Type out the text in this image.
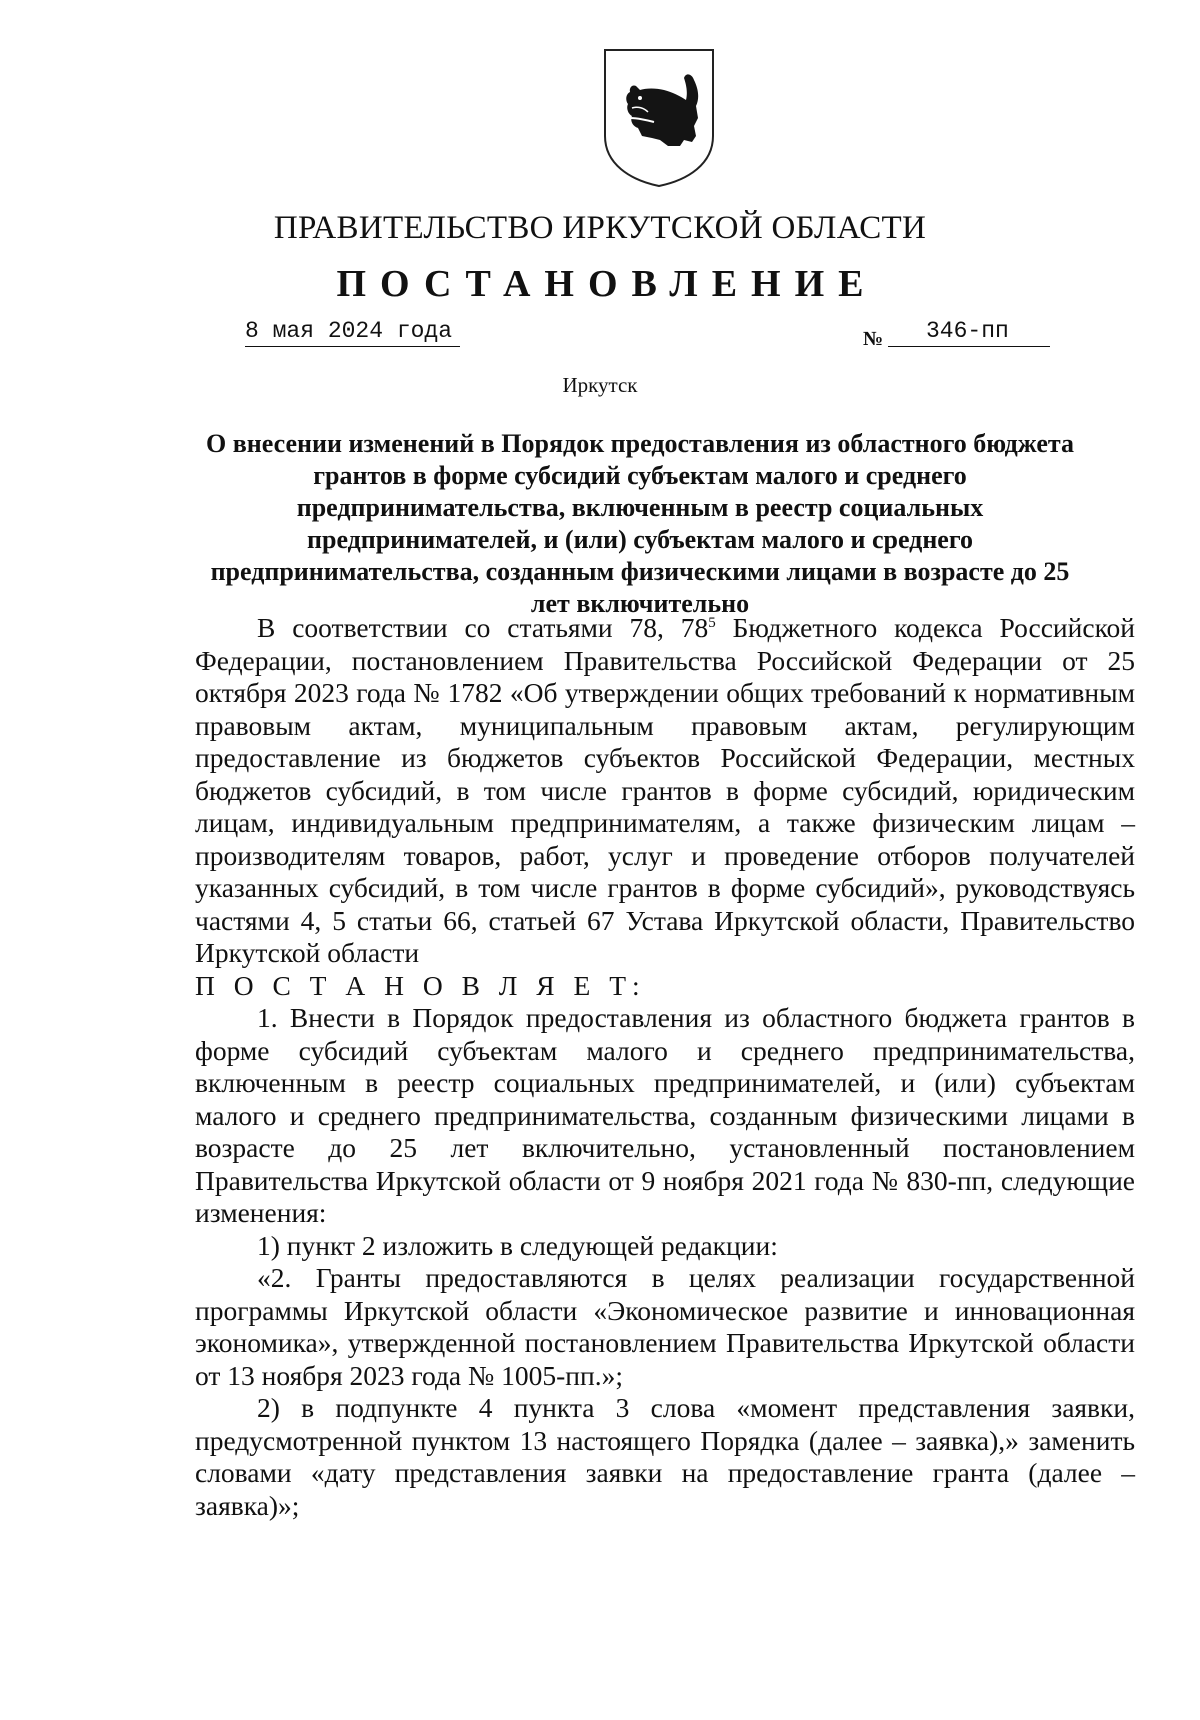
ПРАВИТЕЛЬСТВО ИРКУТСКОЙ ОБЛАСТИ
ПОСТАНОВЛЕНИЕ
8 мая 2024 года	№	346-пп
Иркутск
О внесении изменений в Порядок предоставления из областного бюджета грантов в форме субсидий субъектам малого и среднего предпринимательства, включенным в реестр социальных предпринимателей, и (или) субъектам малого и среднего предпринимательства, созданным физическими лицами в возрасте до 25 лет включительно

В соответствии со статьями 78, $78^5$ Бюджетного кодекса Российской Федерации, постановлением Правительства Российской Федерации от 25 октября 2023 года № 1782 «Об утверждении общих требований к нормативным правовым актам, муниципальным правовым актам, регулирующим предоставление из бюджетов субъектов Российской Федерации, местных бюджетов субсидий, в том числе грантов в форме субсидий, юридическим лицам, индивидуальным предпринимателям, а также физическим лицам – производителям товаров, работ, услуг и проведение отборов получателей указанных субсидий, в том числе грантов в форме субсидий», руководствуясь частями 4, 5 статьи 66, статьей 67 Устава Иркутской области, Правительство Иркутской области

П О С Т А Н О В Л Я Е Т:

1. Внести в Порядок предоставления из областного бюджета грантов в форме субсидий субъектам малого и среднего предпринимательства, включенным в реестр социальных предпринимателей, и (или) субъектам малого и среднего предпринимательства, созданным физическими лицами в возрасте до 25 лет включительно, установленный постановлением Правительства Иркутской области от 9 ноября 2021 года № 830-пп, следующие изменения:

1) пункт 2 изложить в следующей редакции:

«2. Гранты предоставляются в целях реализации государственной программы Иркутской области «Экономическое развитие и инновационная экономика», утвержденной постановлением Правительства Иркутской области от 13 ноября 2023 года № 1005-пп.»;

2) в подпункте 4 пункта 3 слова «момент представления заявки, предусмотренной пунктом 13 настоящего Порядка (далее – заявка),» заменить словами «дату представления заявки на предоставление гранта (далее – заявка)»;
